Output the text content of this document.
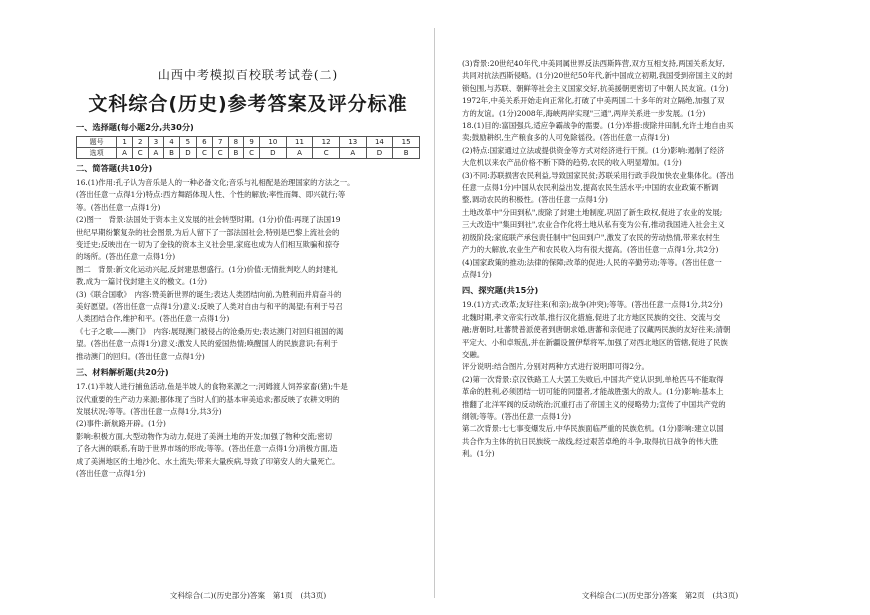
山西中考模拟百校联考试卷(二)
文科综合(历史)参考答案及评分标准
一、选择题(每小题2分,共30分)
题号	1	2	3	4	5	6	7	8	9	10	11	12	13	14	15
选项	A	C	A	B	D	C	C	B	C	D	A	C	A	D	B
二、简答题(共10分)

16.(1)作用:孔子认为音乐是人的一种必备文化;音乐与礼相配是治理国家的方法之一。

(答出任意一点得1分)特点:西方舞蹈体现人性、个性的解放;率性而舞、即兴就行;等

等。(答出任意一点得1分)

(2)图一　背景:法国处于资本主义发展的社会转型时期。(1分)价值:再现了法国19

世纪早期纷繁复杂的社会图景,为后人留下了一部法国社会,特别是巴黎上流社会的

变迁史;反映出在一切为了金钱的资本主义社会里,家庭也成为人们相互欺骗和掠夺

的场所。(答出任意一点得1分)

图二　背景:新文化运动兴起,反封建思想盛行。(1分)价值:无情批判吃人的封建礼

教,成为一篇讨伐封建主义的檄文。(1分)

(3)《联合国歌》　内容:赞美新世界的诞生;表达人类团结向前,为胜利而并肩奋斗的

美好愿望。(答出任意一点得1分)意义:反映了人类对自由与和平的渴望;有利于号召

人类团结合作,维护和平。(答出任意一点得1分)

《七子之歌——澳门》　内容:展现澳门被侵占的沧桑历史;表达澳门对回归祖国的渴

望。(答出任意一点得1分)意义:激发人民的爱国热情;唤醒国人的民族意识;有利于

推动澳门的回归。(答出任意一点得1分)

三、材料解析题(共20分)

17.(1)半坡人进行捕鱼活动,鱼是半坡人的食物来源之一;河姆渡人饲养家畜(猪);牛是

汉代重要的生产动力来源;都体现了当时人们的基本审美追求;都反映了农耕文明的

发展状况;等等。(答出任意一点得1分,共3分)

(2)事件:新航路开辟。(1分)

影响:积极方面,大型动物作为动力,促进了美洲土地的开发;加强了物种交流;密切

了各大洲的联系,有助于世界市场的形成;等等。(答出任意一点得1分)消极方面,造

成了美洲地区的土地沙化、水土流失;带来大量疾病,导致了印第安人的大量死亡。

(答出任意一点得1分)

文科综合(二)(历史部分)答案　第1页　(共3页)

(3)背景:20世纪40年代,中美同属世界反法西斯阵营,双方互相支持,两国关系友好,

共同对抗法西斯侵略。(1分)20世纪50年代,新中国成立初期,我国受到帝国主义的封

锁包围,与苏联、朝鲜等社会主义国家交好,抗美援朝更密切了中朝人民友谊。(1分)

1972年,中美关系开始走向正常化,打破了中美两国二十多年的对立隔绝,加强了双

方的友谊。(1分)2008年,海峡两岸实现"三通",两岸关系进一步发展。(1分)

18.(1)目的:富国强兵,适应争霸战争的需要。(1分)举措:废除井田制,允许土地自由买

卖;鼓励耕织,生产粮食多的人可免除徭役。(答出任意一点得1分)

(2)特点:国家通过立法或提供资金等方式对经济进行干预。(1分)影响:遏制了经济

大危机以来农产品价格不断下降的趋势,农民的收入明显增加。(1分)

(3)不同:苏联损害农民利益,导致国家民贫;苏联采用行政手段加快农业集体化。(答出

任意一点得1分)中国从农民利益出发,提高农民生活水平;中国的农业政策不断调

整,调动农民的积极性。(答出任意一点得1分)

土地改革中"分田到私",废除了封建土地制度,巩固了新生政权,促进了农业的发展;

三大改造中"集田到社",农业合作化将土地从私有变为公有,推动我国进入社会主义

初级阶段;家庭联产承包责任制中"包田到户",激发了农民的劳动热情,带来农村生

产力的大解放,农业生产和农民收入均有很大提高。(答出任意一点得1分,共2分)

(4)国家政策的推动;法律的保障;改革的促进;人民的辛勤劳动;等等。(答出任意一

点得1分)

四、探究题(共15分)

19.(1)方式:改革;友好往来(和亲);战争(冲突);等等。(答出任意一点得1分,共2分)

北魏时期,孝文帝实行改革,推行汉化措施,促进了北方地区民族的交往、交流与交

融;唐朝时,吐蕃赞普派使者到唐朝求婚,唐蕃和亲促进了汉藏两民族的友好往来;清朝

平定大、小和卓叛乱,并在新疆设置伊犁将军,加强了对西北地区的管辖,促进了民族

交融。

评分说明:结合图片,分别对两种方式进行说明即可得2分。

(2)第一次背景:京汉铁路工人大罢工失败后,中国共产党认识到,单枪匹马不能取得

革命的胜利,必须团结一切可能的同盟者,才能战胜强大的敌人。(1分)影响:基本上

推翻了北洋军阀的反动统治;沉重打击了帝国主义的侵略势力;宣传了中国共产党的

纲领;等等。(答出任意一点得1分)

第二次背景:七七事变爆发后,中华民族面临严重的民族危机。(1分)影响:建立以国

共合作为主体的抗日民族统一战线,经过艰苦卓绝的斗争,取得抗日战争的伟大胜

利。(1分)

文科综合(二)(历史部分)答案　第2页　(共3页)
